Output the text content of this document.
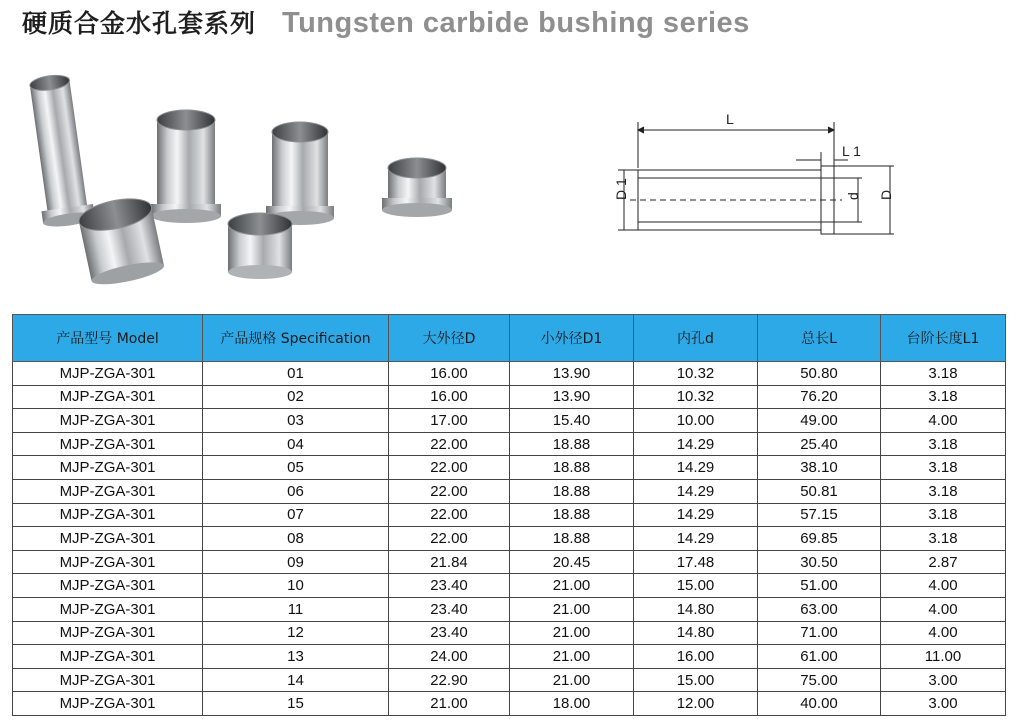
硬质合金水孔套系列 Tungsten carbide bushing series
L
L 1
D 1	d D
产品型号 Model	产品规格 Specification	大外径D	小外径D1	内孔d	总长L	台阶长度L1
MJP-ZGA-301	01	16.00	13.90	10.32	50.80	3.18
MJP-ZGA-301	02	16.00	13.90	10.32	76.20	3.18
MJP-ZGA-301	03	17.00	15.40	10.00	49.00	4.00
MJP-ZGA-301	04	22.00	18.88	14.29	25.40	3.18
MJP-ZGA-301	05	22.00	18.88	14.29	38.10	3.18
MJP-ZGA-301	06	22.00	18.88	14.29	50.81	3.18
MJP-ZGA-301	07	22.00	18.88	14.29	57.15	3.18
MJP-ZGA-301	08	22.00	18.88	14.29	69.85	3.18
MJP-ZGA-301	09	21.84	20.45	17.48	30.50	2.87
MJP-ZGA-301	10	23.40	21.00	15.00	51.00	4.00
MJP-ZGA-301	11	23.40	21.00	14.80	63.00	4.00
MJP-ZGA-301	12	23.40	21.00	14.80	71.00	4.00
MJP-ZGA-301	13	24.00	21.00	16.00	61.00	11.00
MJP-ZGA-301	14	22.90	21.00	15.00	75.00	3.00
MJP-ZGA-301	15	21.00	18.00	12.00	40.00	3.00
